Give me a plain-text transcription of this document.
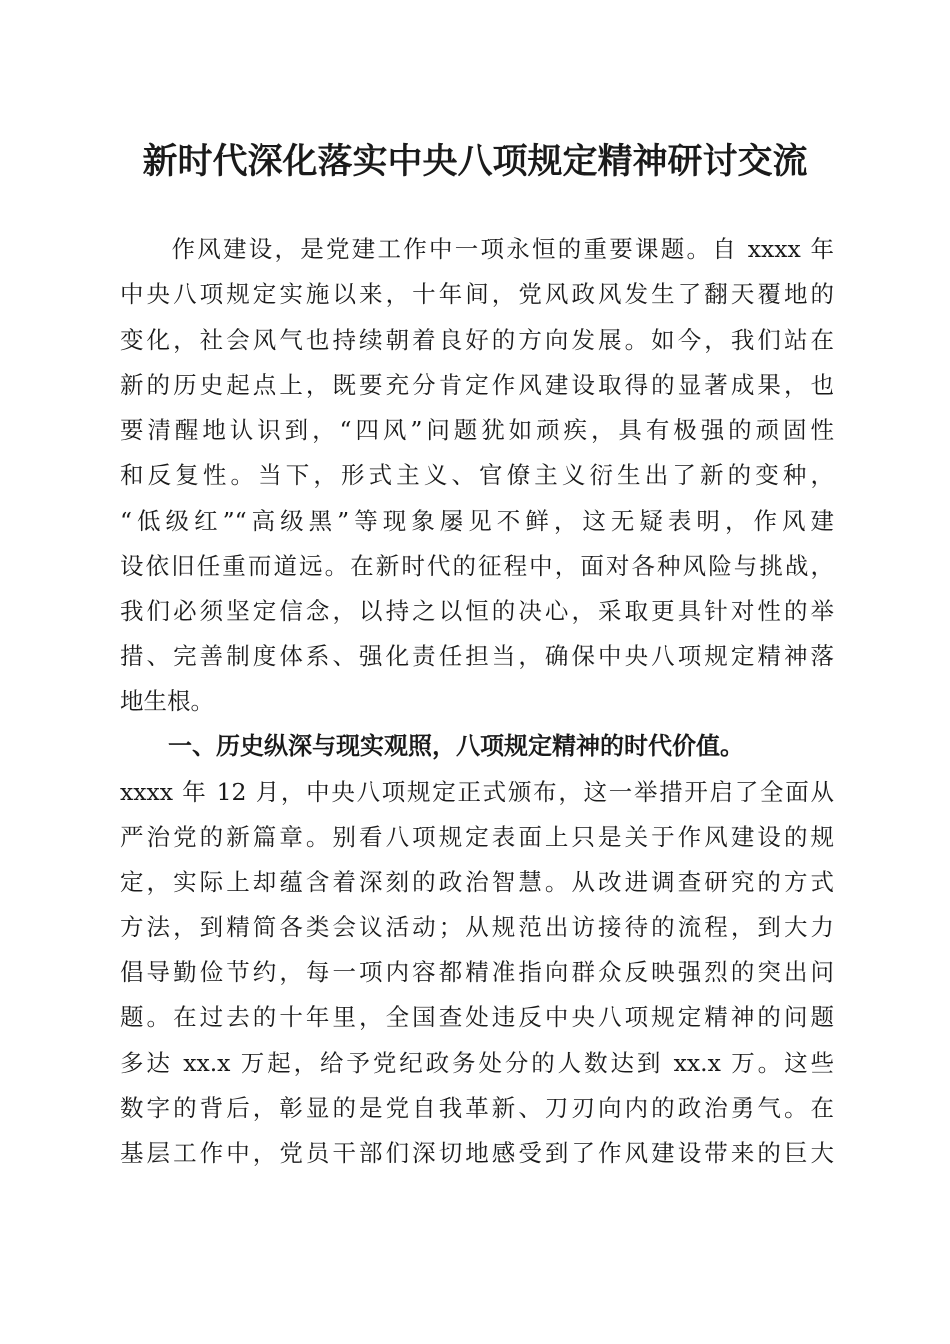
新时代深化落实中央八项规定精神研讨交流
　　作风建设，是党建工作中一项永恒的重要课题。自 xxxx 年
中央八项规定实施以来，十年间，党风政风发生了翻天覆地的
变化，社会风气也持续朝着良好的方向发展。如今，我们站在
新的历史起点上，既要充分肯定作风建设取得的显著成果，也
要清醒地认识到，“四风”问题犹如顽疾，具有极强的顽固性
和反复性。当下，形式主义、官僚主义衍生出了新的变种，
“低级红”“高级黑”等现象屡见不鲜，这无疑表明，作风建
设依旧任重而道远。在新时代的征程中，面对各种风险与挑战，
我们必须坚定信念，以持之以恒的决心，采取更具针对性的举
措、完善制度体系、强化责任担当，确保中央八项规定精神落
地生根。
　　一、历史纵深与现实观照，八项规定精神的时代价值。
xxxx 年 12 月，中央八项规定正式颁布，这一举措开启了全面从
严治党的新篇章。别看八项规定表面上只是关于作风建设的规
定，实际上却蕴含着深刻的政治智慧。从改进调查研究的方式
方法，到精简各类会议活动；从规范出访接待的流程，到大力
倡导勤俭节约，每一项内容都精准指向群众反映强烈的突出问
题。在过去的十年里，全国查处违反中央八项规定精神的问题
多达 xx.x 万起，给予党纪政务处分的人数达到 xx.x 万。这些
数字的背后，彰显的是党自我革新、刀刃向内的政治勇气。在
基层工作中，党员干部们深切地感受到了作风建设带来的巨大
